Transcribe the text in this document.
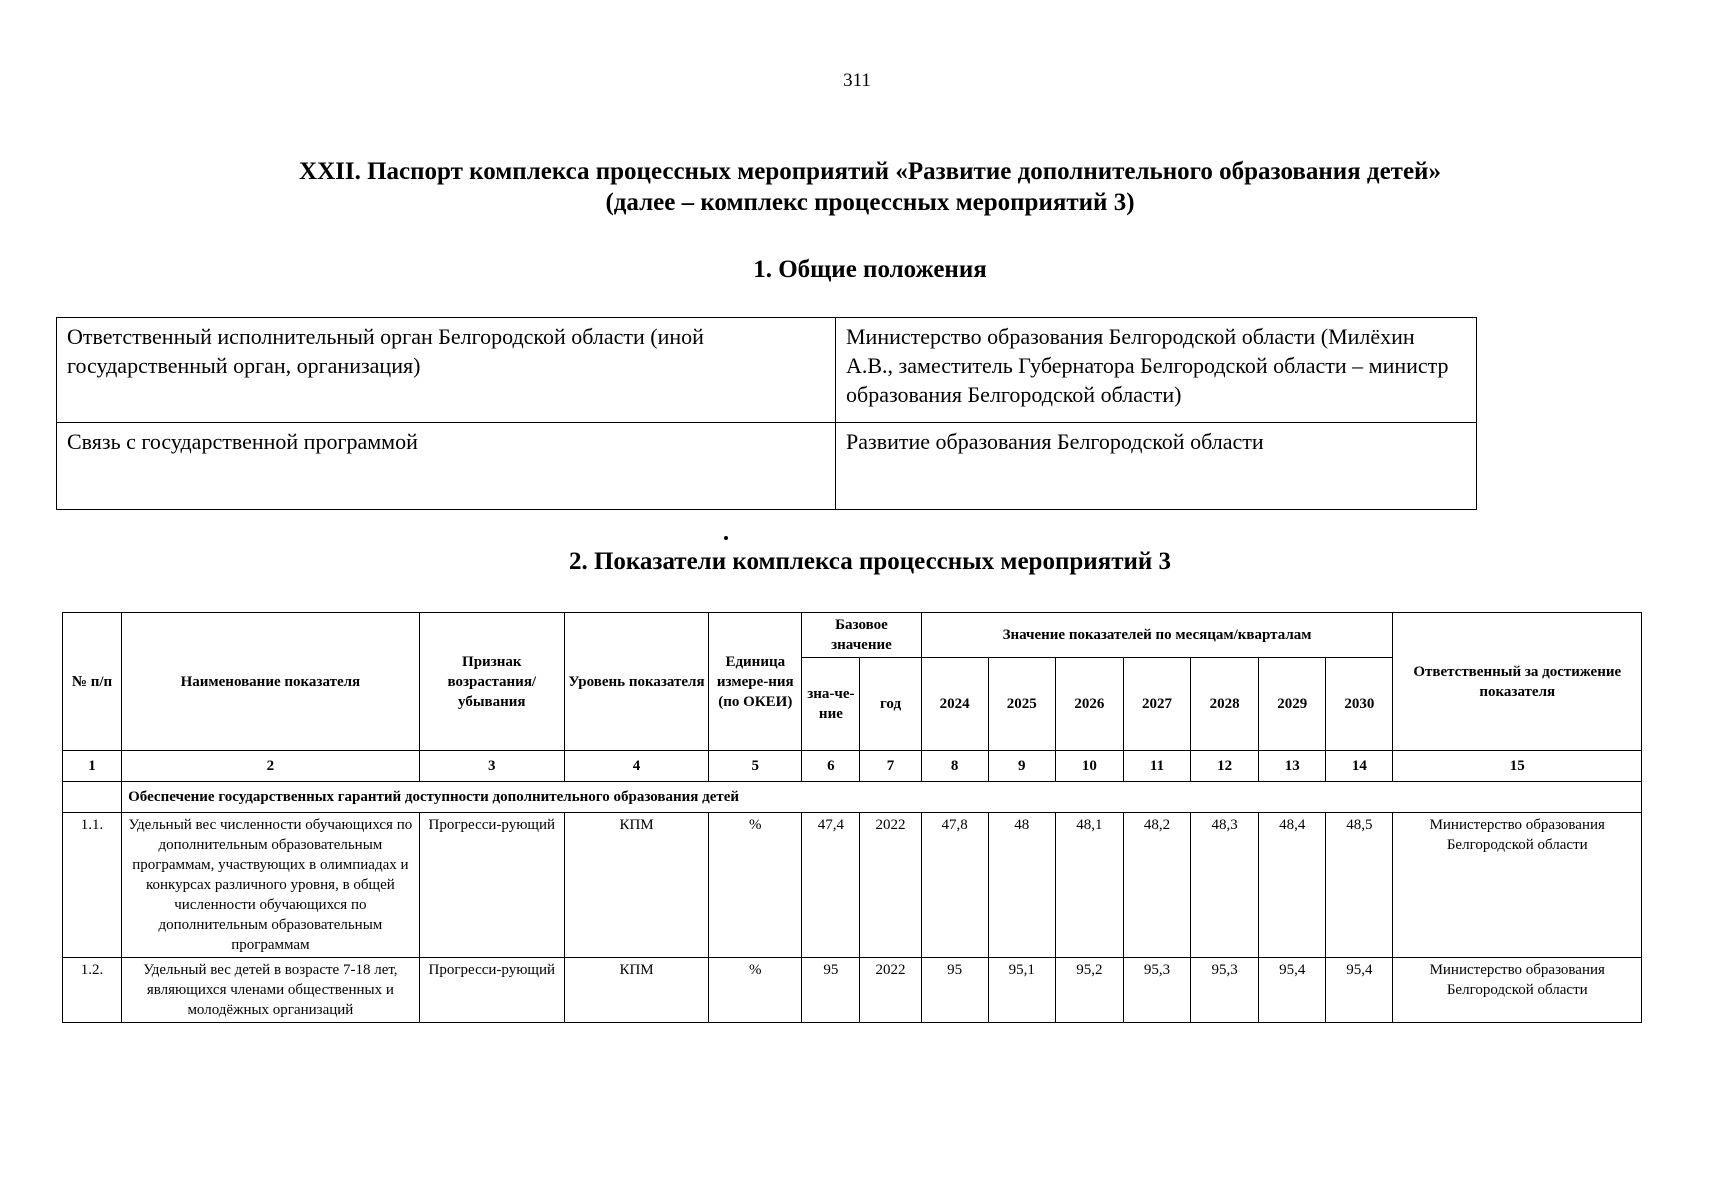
311
XXII. Паспорт комплекса процессных мероприятий «Развитие дополнительного образования детей»
(далее – комплекс процессных мероприятий 3)
1. Общие положения
Ответственный исполнительный орган Белгородской области (иной государственный орган, организация)	Министерство образования Белгородской области (Милёхин А.В., заместитель Губернатора Белгородской области – министр образования Белгородской области)
Связь с государственной программой	Развитие образования Белгородской области
2. Показатели комплекса процессных мероприятий 3
№ п/п	Наименование показателя	Признак возрастания/ убывания	Уровень показателя	Единица измере-ния (по ОКЕИ)	Базовое значение		Значение показателей по месяцам/кварталам							Ответственный за достижение показателя
					зна-че-ние	год	2024	2025	2026	2027	2028	2029	2030	
1	2	3	4	5	6	7	8	9	10	11	12	13	14	15
	Обеспечение государственных гарантий доступности дополнительного образования детей													
1.1.	Удельный вес численности обучающихся по дополнительным образовательным программам, участвующих в олимпиадах и конкурсах различного уровня, в общей численности обучающихся по дополнительным образовательным программам	Прогресси-рующий	КПМ	%	47,4	2022	47,8	48	48,1	48,2	48,3	48,4	48,5	Министерство образования Белгородской области
1.2.	Удельный вес детей в возрасте 7-18 лет, являющихся членами общественных и молодёжных организаций	Прогресси-рующий	КПМ	%	95	2022	95	95,1	95,2	95,3	95,3	95,4	95,4	Министерство образования Белгородской области
